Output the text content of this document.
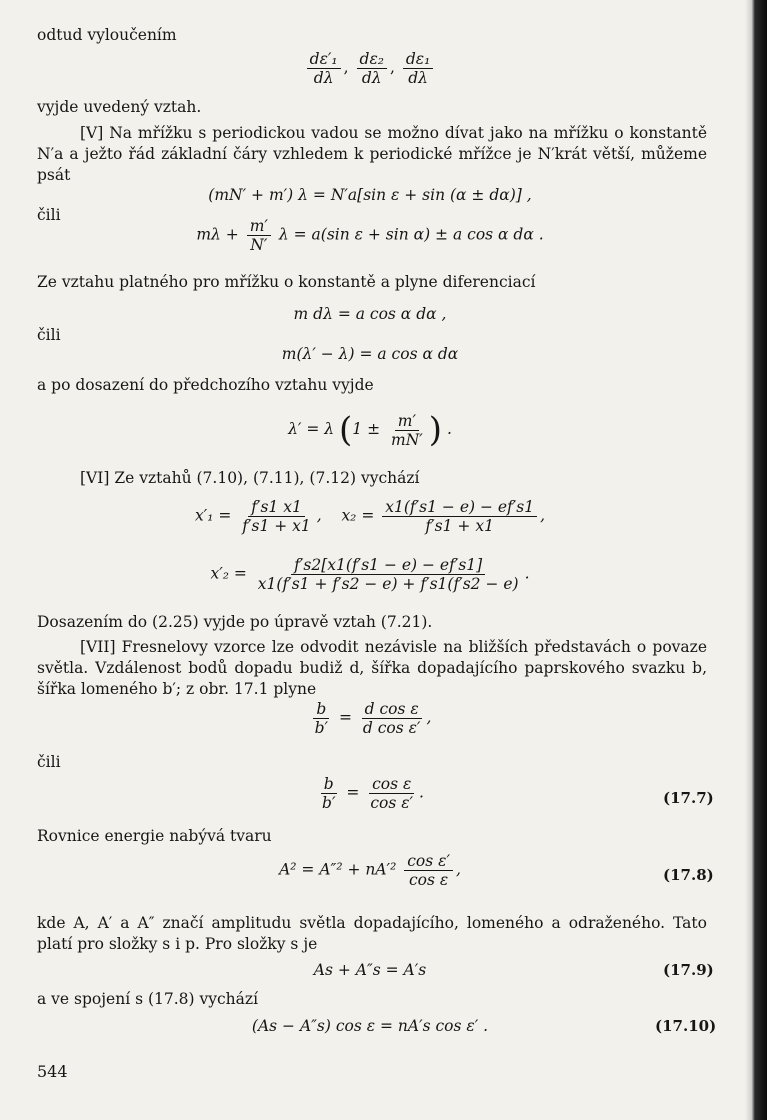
odtud vyloučením
$\frac{\text{dε′₁}}{d\lambda}$ , $\frac{\text{dε₂}}{d\lambda}$ , $\frac{\text{dε₁}}{d\lambda}$
vyjde uvedený vztah.
[V] Na mřížku s periodickou vadou se možno dívat jako na mřížku o konstantě N′a a ježto řád základní čáry vzhledem k periodické mřížce je N′krát větší, můžeme psát
(mN′ + m′) λ = N′a[sin ε + sin (α ± dα)] ,
čili
$m\lambda + \frac{m'}{N'}$ λ = a(sin ε + sin α) ± a cos α dα .
Ze vztahu platného pro mřížku o konstantě a plyne diferenciací
m dλ = a cos α dα ,
čili
m(λ′ − λ) = a cos α dα
a po dosazení do předchozího vztahu vyjde
λ′ = λ ($1 \pm \frac{m'}{mN'}$ ) .
[VI] Ze vztahů (7.10), (7.11), (7.12) vychází
$x'_1 = \frac{f's1 x1}{f's1 + x1}$ ,    $x_2 = \frac{x1(f's1 - e) - ef's1}{f's1 + x1}$ ,
$x'_2 = \frac{f's2[x1(f's1 - e) - ef's1]}{x1(f's1 + f's2 - e) + f's1(f's2 - e)}$ .
Dosazením do (2.25) vyjde po úpravě vztah (7.21).
[VII] Fresnelovy vzorce lze odvodit nezávisle na bližších představách o povaze světla. Vzdálenost bodů dopadu budiž d, šířka dopadajícího paprskového svazku b, šířka lomeného b′; z obr. 17.1 plyne
$\frac{b}{b'} = \frac{\text{d cos ε}}{\text{d cos ε′}}$ ,
čili
$\frac{b}{b'} = \frac{\text{cos ε}}{\text{cos ε′}}$ .	(17.7)
Rovnice energie nabývá tvaru
$A^2 = A''^2 + nA'^2 \frac{\text{cos ε′}}{\text{cos ε}}$ ,	(17.8)
kde A, A′ a A″ značí amplitudu světla dopadajícího, lomeného a odraženého. Tato platí pro složky s i p. Pro složky s je
As + A″s = A′s	(17.9)
a ve spojení s (17.8) vychází
(As − A″s) cos ε = nA′s cos ε′ .	(17.10)
544
